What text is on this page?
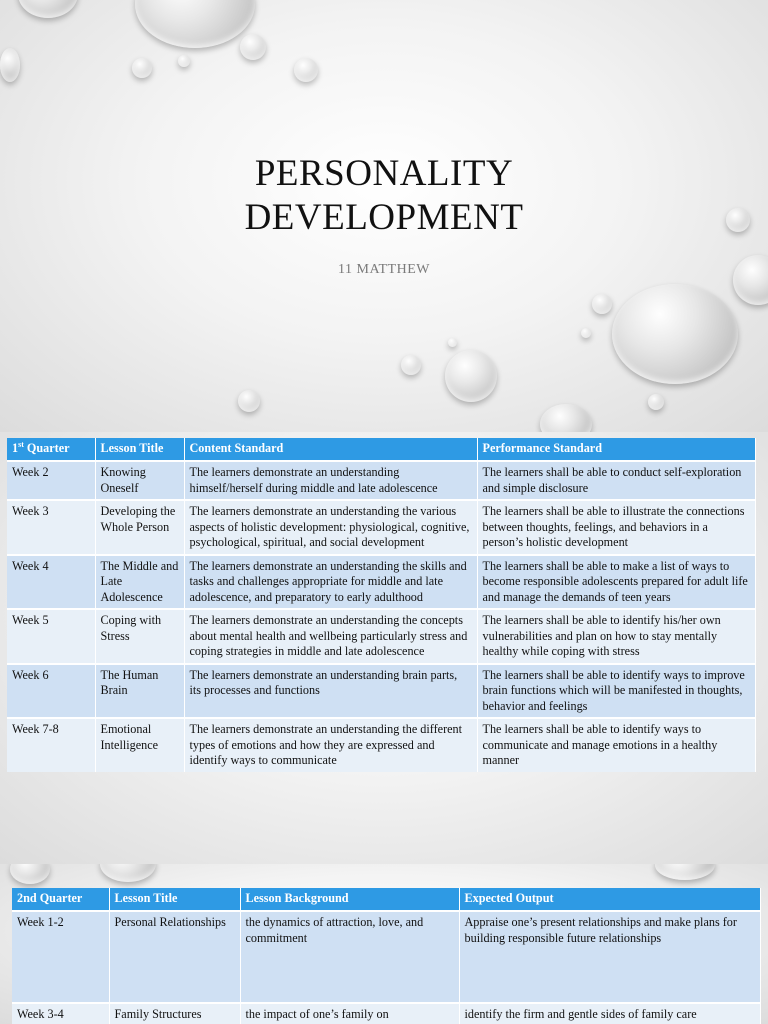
PERSONALITY
DEVELOPMENT
11 MATTHEW
1st Quarter	Lesson Title	Content Standard	Performance Standard
Week 2	Knowing Oneself	The learners demonstrate an understanding himself/herself during middle and late adolescence	The learners shall be able to conduct self-exploration and simple disclosure
Week 3	Developing the Whole Person	The learners demonstrate an understanding the various aspects of holistic development: physiological, cognitive, psychological, spiritual, and social development	The learners shall be able to illustrate the connections between thoughts, feelings, and behaviors in a person’s holistic development
Week 4	The Middle and Late Adolescence	The learners demonstrate an understanding the skills and tasks and challenges appropriate for middle and late adolescence, and preparatory to early adulthood	The learners shall be able to make a list of ways to become responsible adolescents prepared for adult life and manage the demands of teen years
Week 5	Coping with Stress	The learners demonstrate an understanding the concepts about mental health and wellbeing particularly stress and coping strategies in middle and late adolescence	The learners shall be able to identify his/her own vulnerabilities and plan on how to stay mentally healthy while coping with stress
Week 6	The Human Brain	The learners demonstrate an understanding brain parts, its processes and functions	The learners shall be able to identify ways to improve brain functions which will be manifested in thoughts, behavior and feelings
Week 7-8	Emotional Intelligence	The learners demonstrate an understanding the different types of emotions and how they are expressed and identify ways to communicate	The learners shall be able to identify ways to communicate and manage emotions in a healthy manner
2nd Quarter	Lesson Title	Lesson Background	Expected Output
Week 1-2	Personal Relationships	the dynamics of attraction, love, and commitment	Appraise one’s present relationships and make plans for building responsible future relationships
Week 3-4	Family Structures	the impact of one’s family on	identify the firm and gentle sides of family care
